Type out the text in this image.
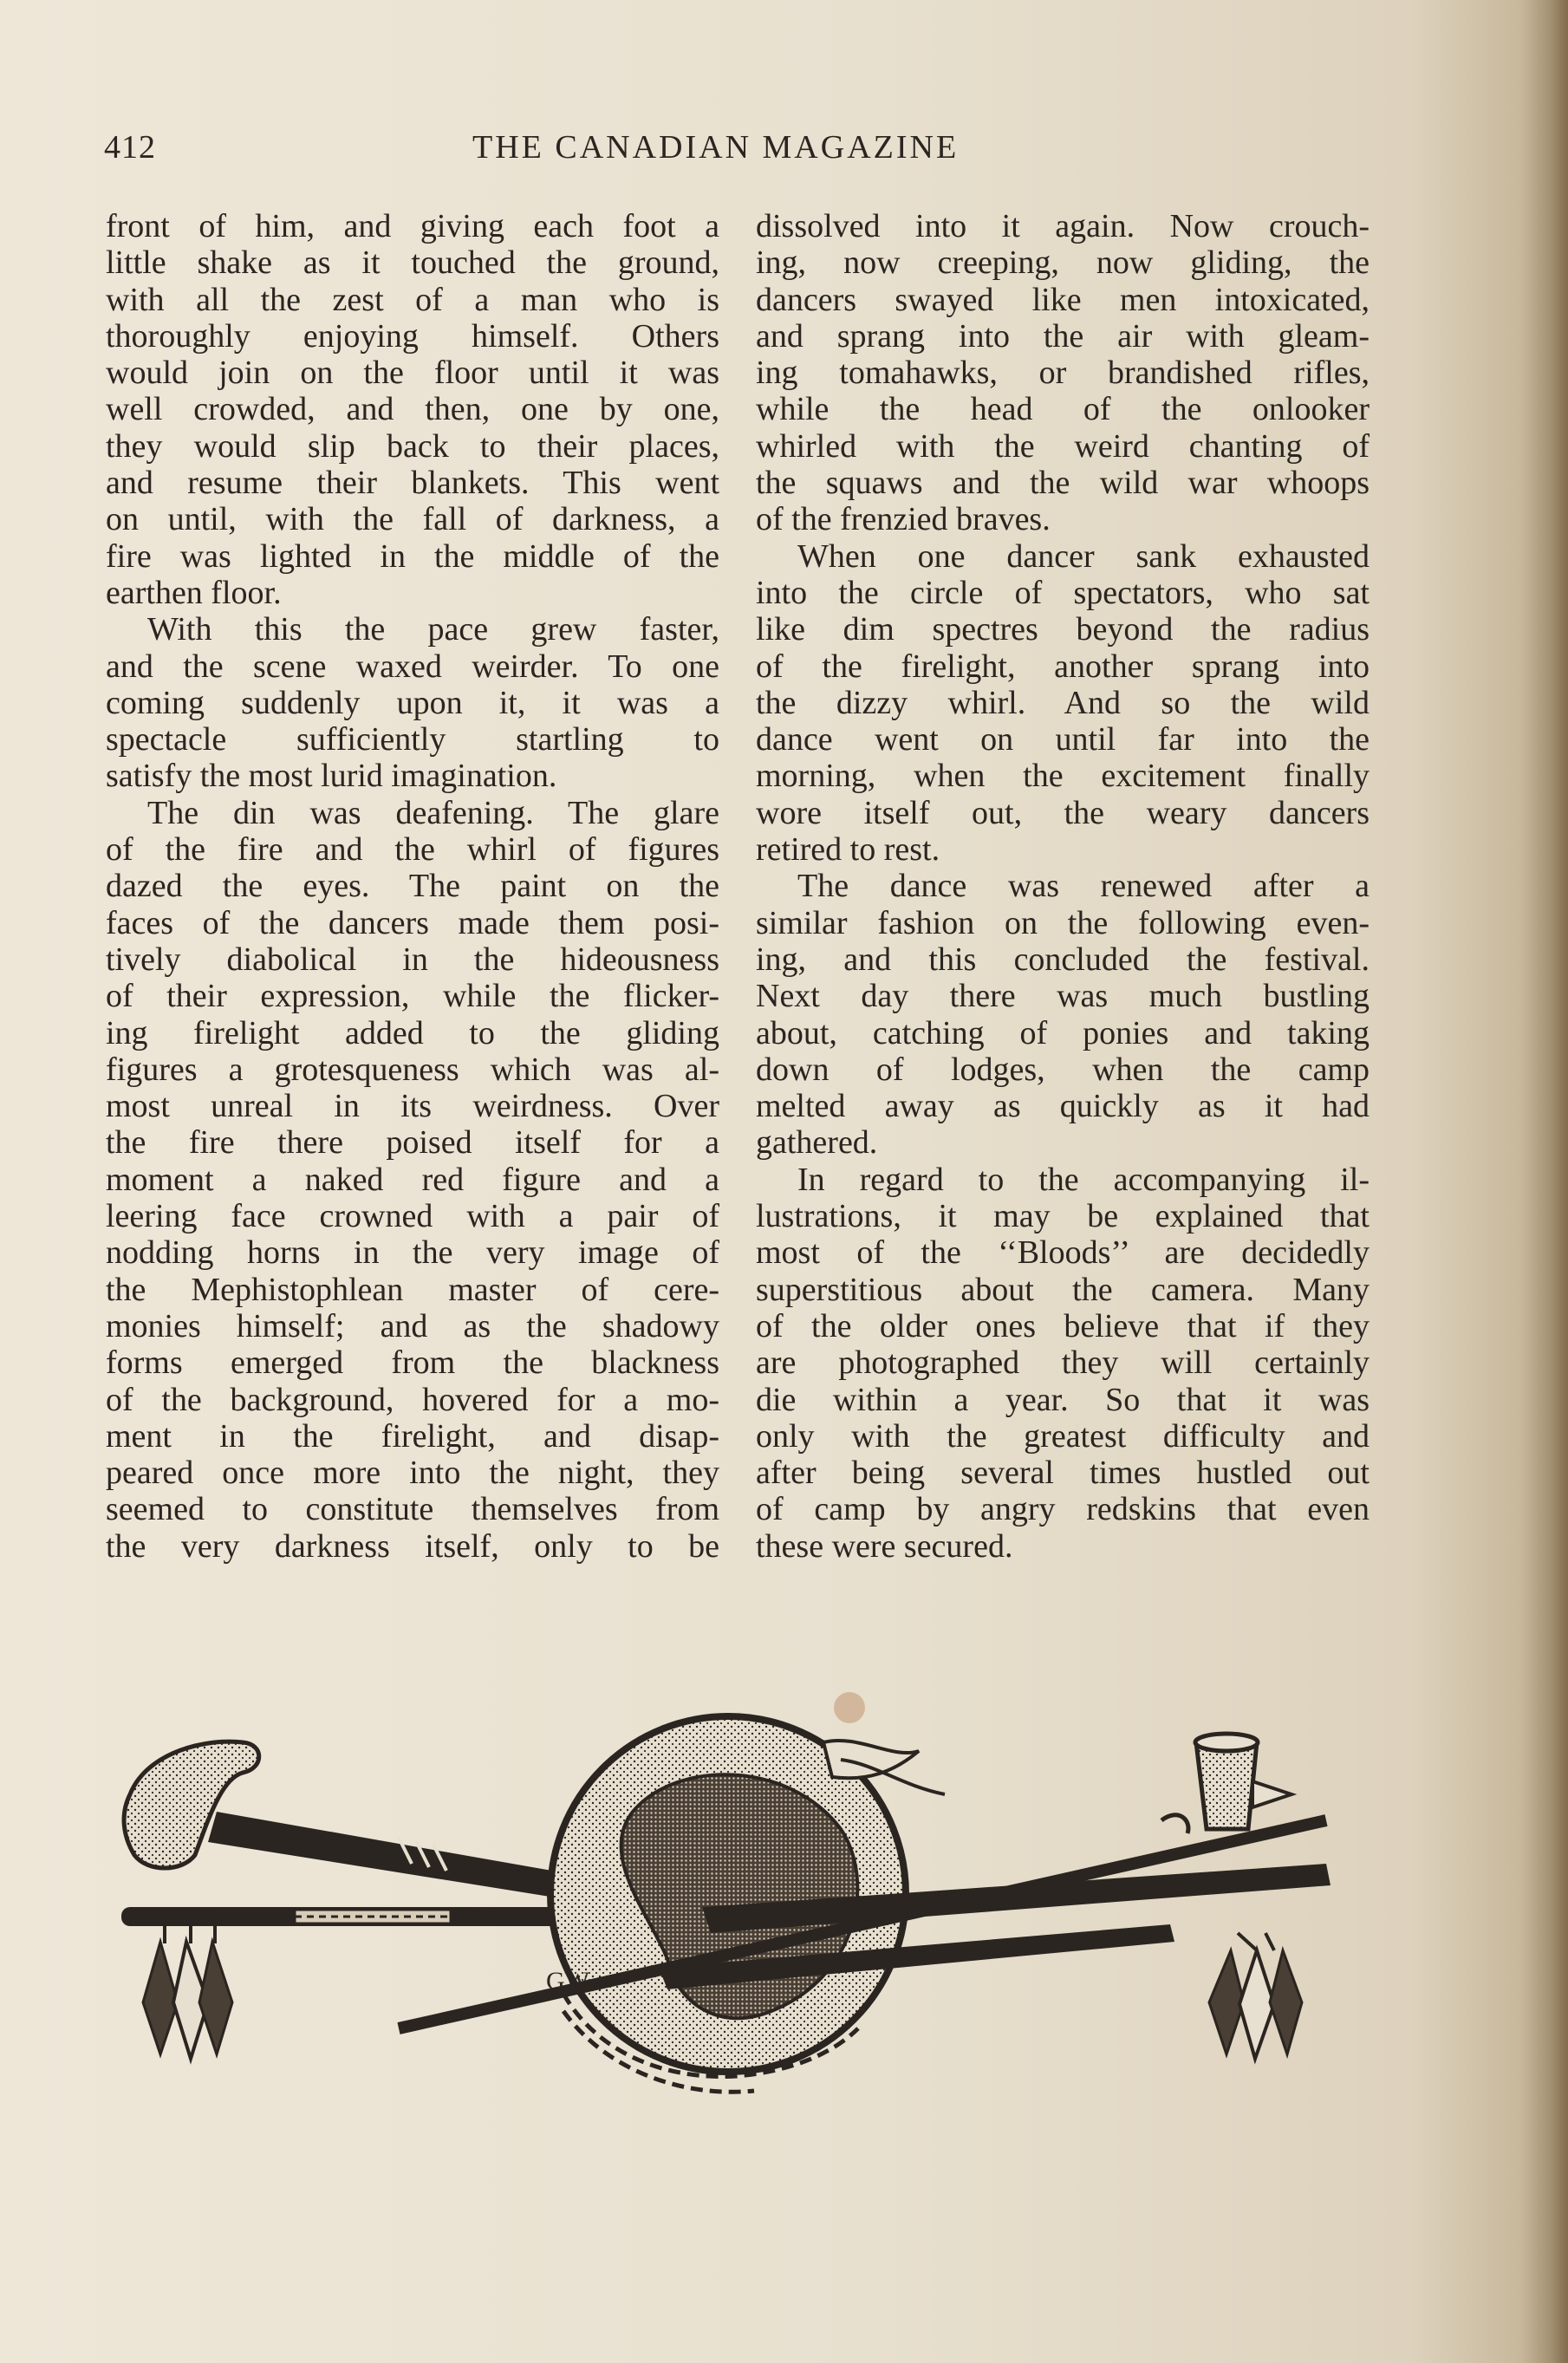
412	THE CANADIAN MAGAZINE
front of him, and giving each foot a
little shake as it touched the ground,
with all the zest of a man who is
thoroughly enjoying himself. Others
would join on the floor until it was
well crowded, and then, one by one,
they would slip back to their places,
and resume their blankets. This went
on until, with the fall of darkness, a
fire was lighted in the middle of the
earthen floor.
With this the pace grew faster,
and the scene waxed weirder. To one
coming suddenly upon it, it was a
spectacle sufficiently startling to
satisfy the most lurid imagination.
The din was deafening. The glare
of the fire and the whirl of figures
dazed the eyes. The paint on the
faces of the dancers made them posi-
tively diabolical in the hideousness
of their expression, while the flicker-
ing firelight added to the gliding
figures a grotesqueness which was al-
most unreal in its weirdness. Over
the fire there poised itself for a
moment a naked red figure and a
leering face crowned with a pair of
nodding horns in the very image of
the Mephistophlean master of cere-
monies himself; and as the shadowy
forms emerged from the blackness
of the background, hovered for a mo-
ment in the firelight, and disap-
peared once more into the night, they
seemed to constitute themselves from
the very darkness itself, only to be
dissolved into it again. Now crouch-
ing, now creeping, now gliding, the
dancers swayed like men intoxicated,
and sprang into the air with gleam-
ing tomahawks, or brandished rifles,
while the head of the onlooker
whirled with the weird chanting of
the squaws and the wild war whoops
of the frenzied braves.
When one dancer sank exhausted
into the circle of spectators, who sat
like dim spectres beyond the radius
of the firelight, another sprang into
the dizzy whirl. And so the wild
dance went on until far into the
morning, when the excitement finally
wore itself out, the weary dancers
retired to rest.
The dance was renewed after a
similar fashion on the following even-
ing, and this concluded the festival.
Next day there was much bustling
about, catching of ponies and taking
down of lodges, when the camp
melted away as quickly as it had
gathered.
In regard to the accompanying il-
lustrations, it may be explained that
most of the ‘‘Bloods’’ are decidedly
superstitious about the camera. Many
of the older ones believe that if they
are photographed they will certainly
die within a year. So that it was
only with the greatest difficulty and
after being several times hustled out
of camp by angry redskins that even
these were secured.
GW
